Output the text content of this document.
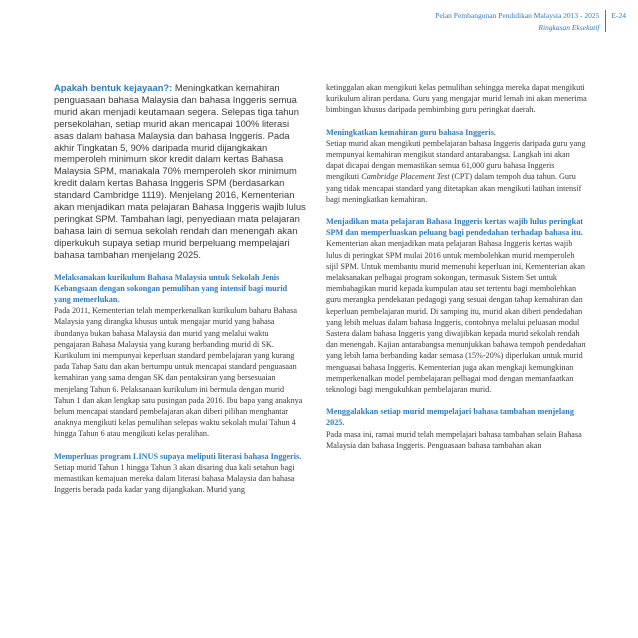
Pelan Pembangunan Pendidikan Malaysia 2013 - 2025
Ringkasan Eksekutif
E-24

Apakah bentuk kejayaan?: Meningkatkan kemahiran penguasaan bahasa Malaysia dan bahasa Inggeris semua murid akan menjadi keutamaan segera. Selepas tiga tahun persekolahan, setiap murid akan mencapai 100% literasi asas dalam bahasa Malaysia dan bahasa Inggeris. Pada akhir Tingkatan 5, 90% daripada murid dijangkakan memperoleh minimum skor kredit dalam kertas Bahasa Malaysia SPM, manakala 70% memperoleh skor minimum kredit dalam kertas Bahasa Inggeris SPM (berdasarkan standard Cambridge 1119). Menjelang 2016, Kementerian akan menjadikan mata pelajaran Bahasa Inggeris wajib lulus peringkat SPM. Tambahan lagi, penyediaan mata pelajaran bahasa lain di semua sekolah rendah dan menengah akan diperkukuh supaya setiap murid berpeluang mempelajari bahasa tambahan menjelang 2025.

Melaksanakan kurikulum Bahasa Malaysia untuk Sekolah Jenis Kebangsaan dengan sokongan pemulihan yang intensif bagi murid yang memerlukan.
Pada 2011, Kementerian telah memperkenalkan kurikulum baharu Bahasa Malaysia yang dirangka khusus untuk mengajar murid yang bahasa ibundanya bukan bahasa Malaysia dan murid yang melalui waktu pengajaran Bahasa Malaysia yang kurang berbanding murid di SK. Kurikulum ini mempunyai keperluan standard pembelajaran yang kurang pada Tahap Satu dan akan bertumpu untuk mencapai standard penguasaan kemahiran yang sama dengan SK dan pentaksiran yang bersesuaian menjelang Tahun 6. Pelaksanaan kurikulum ini bermula dengan murid Tahun 1 dan akan lengkap satu pusingan pada 2016. Ibu bapa yang anaknya belum mencapai standard pembelajaran akan diberi pilihan menghantar anaknya mengikuti kelas pemulihan selepas waktu sekolah mulai Tahun 4 hingga Tahun 6 atau mengikuti kelas peralihan.

Memperluas program LINUS supaya meliputi literasi bahasa Inggeris.
Setiap murid Tahun 1 hingga Tahun 3 akan disaring dua kali setahun bagi memastikan kemajuan mereka dalam literasi bahasa Malaysia dan bahasa Inggeris berada pada kadar yang dijangkakan. Murid yang

ketinggalan akan mengikuti kelas pemulihan sehingga mereka dapat mengikuti kurikulum aliran perdana. Guru yang mengajar murid lemah ini akan menerima bimbingan khusus daripada pembimbing guru peringkat daerah.

Meningkatkan kemahiran guru bahasa Inggeris.
Setiap murid akan mengikuti pembelajaran bahasa Inggeris daripada guru yang mempunyai kemahiran mengikut standard antarabangsa. Langkah ini akan dapat dicapai dengan memastikan semua 61,000 guru bahasa Inggeris mengikuti Cambridge Placement Test (CPT) dalam tempoh dua tahun. Guru yang tidak mencapai standard yang ditetapkan akan mengikuti latihan intensif bagi meningkatkan kemahiran.

Menjadikan mata pelajaran Bahasa Inggeris kertas wajib lulus peringkat SPM dan memperluaskan peluang bagi pendedahan terhadap bahasa itu.
Kementerian akan menjadikan mata pelajaran Bahasa Inggeris kertas wajib lulus di peringkat SPM mulai 2016 untuk membolehkan murid memperoleh sijil SPM. Untuk membantu murid memenuhi keperluan ini, Kementerian akan melaksanakan pelbagai program sokongan, termasuk Sistem Set untuk membahagikan murid kepada kumpulan atau set tertentu bagi membolehkan guru merangka pendekatan pedagogi yang sesuai dengan tahap kemahiran dan keperluan pembelajaran murid. Di samping itu, murid akan diberi pendedahan yang lebih meluas dalam bahasa Inggeris, contohnya melalui peluasan modul Sastera dalam bahasa Inggeris yang diwajibkan kepada murid sekolah rendah dan menengah. Kajian antarabangsa menunjukkan bahawa tempoh pendedahan yang lebih lama berbanding kadar semasa (15%-20%) diperlukan untuk murid menguasai bahasa Inggeris. Kementerian juga akan mengkaji kemungkinan memperkenalkan model pembelajaran pelbagai mod dengan memanfaatkan teknologi bagi mengukuhkan pembelajaran murid.

Menggalakkan setiap murid mempelajari bahasa tambahan menjelang 2025.
Pada masa ini, ramai murid telah mempelajari bahasa tambahan selain Bahasa Malaysia dan bahasa Inggeris. Penguasaan bahasa tambahan akan
